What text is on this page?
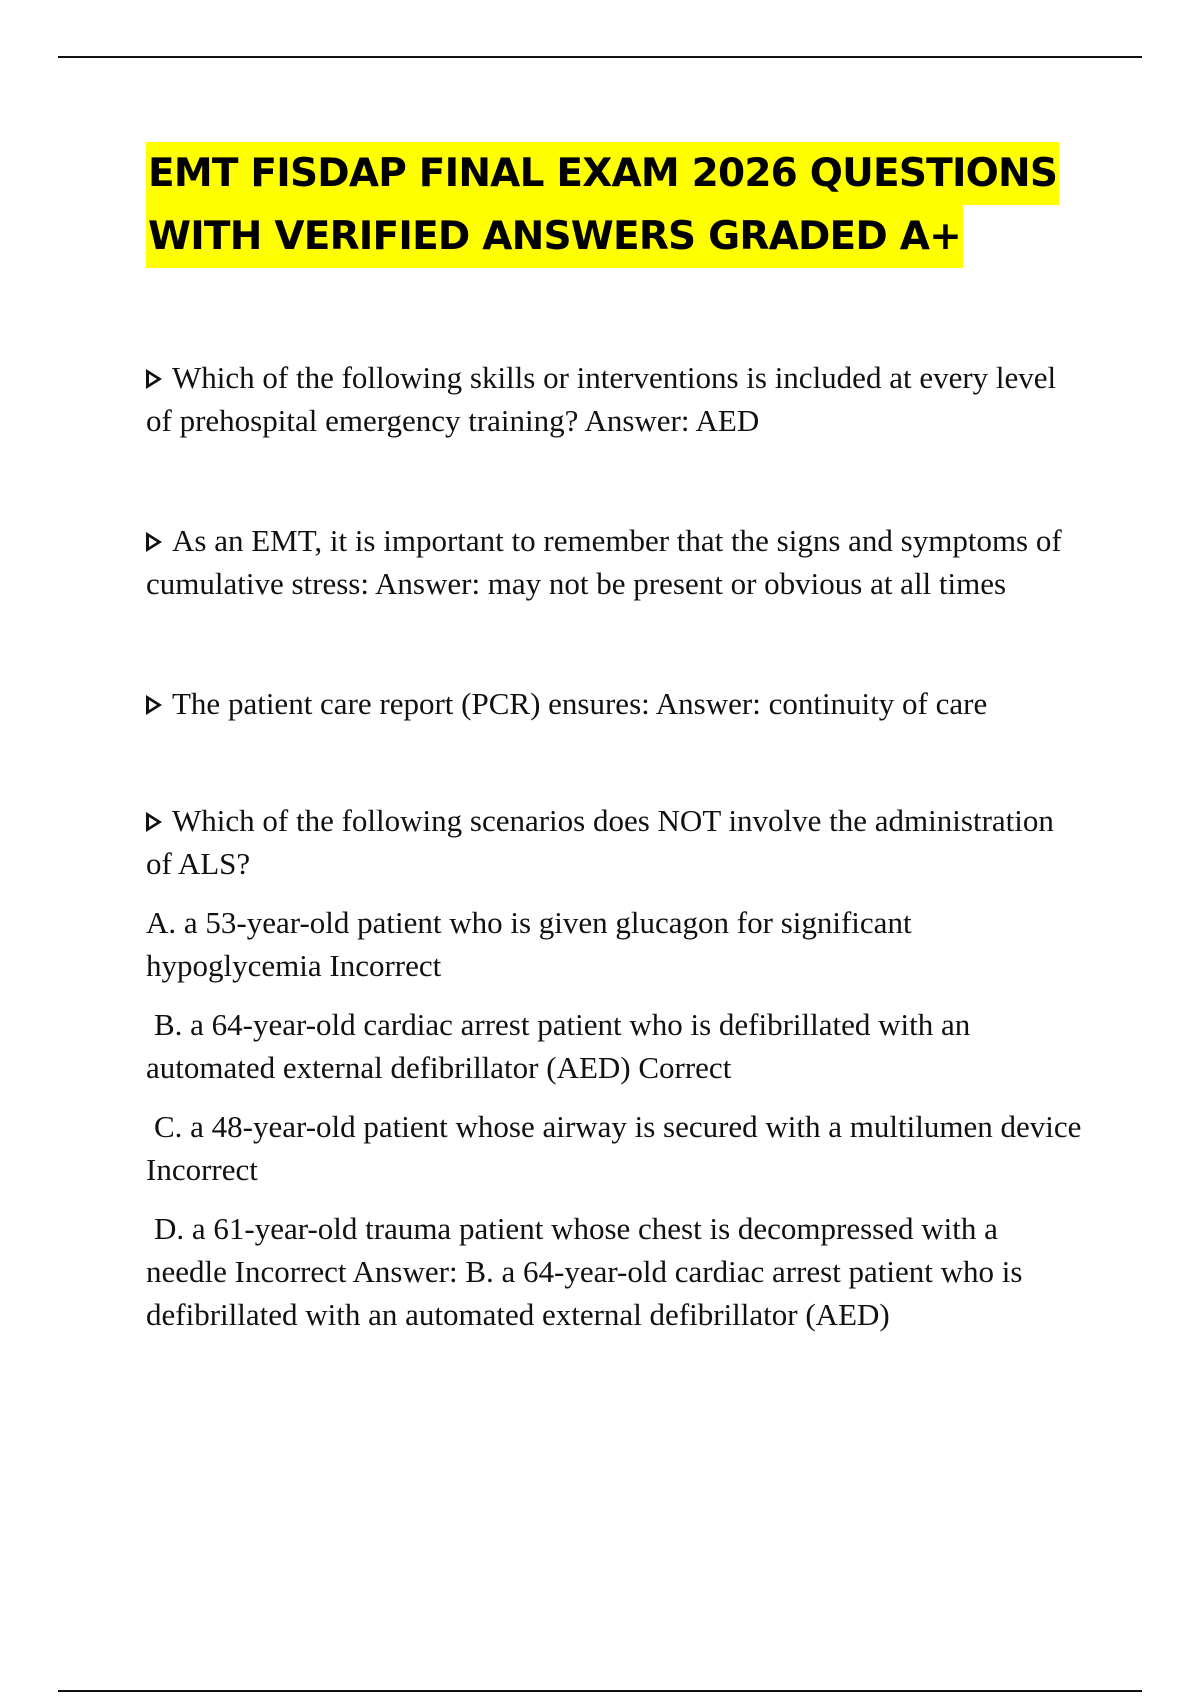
EMT FISDAP FINAL EXAM 2026 QUESTIONS
WITH VERIFIED ANSWERS GRADED A+

Which of the following skills or interventions is included at every level of prehospital emergency training? Answer: AED

As an EMT, it is important to remember that the signs and symptoms of cumulative stress: Answer: may not be present or obvious at all times

The patient care report (PCR) ensures: Answer: continuity of care

Which of the following scenarios does NOT involve the administration of ALS?

A. a 53-year-old patient who is given glucagon for significant hypoglycemia Incorrect
B. a 64-year-old cardiac arrest patient who is defibrillated with an automated external defibrillator (AED) Correct
C. a 48-year-old patient whose airway is secured with a multilumen device Incorrect
D. a 61-year-old trauma patient whose chest is decompressed with a needle Incorrect Answer: B. a 64-year-old cardiac arrest patient who is defibrillated with an automated external defibrillator (AED)
